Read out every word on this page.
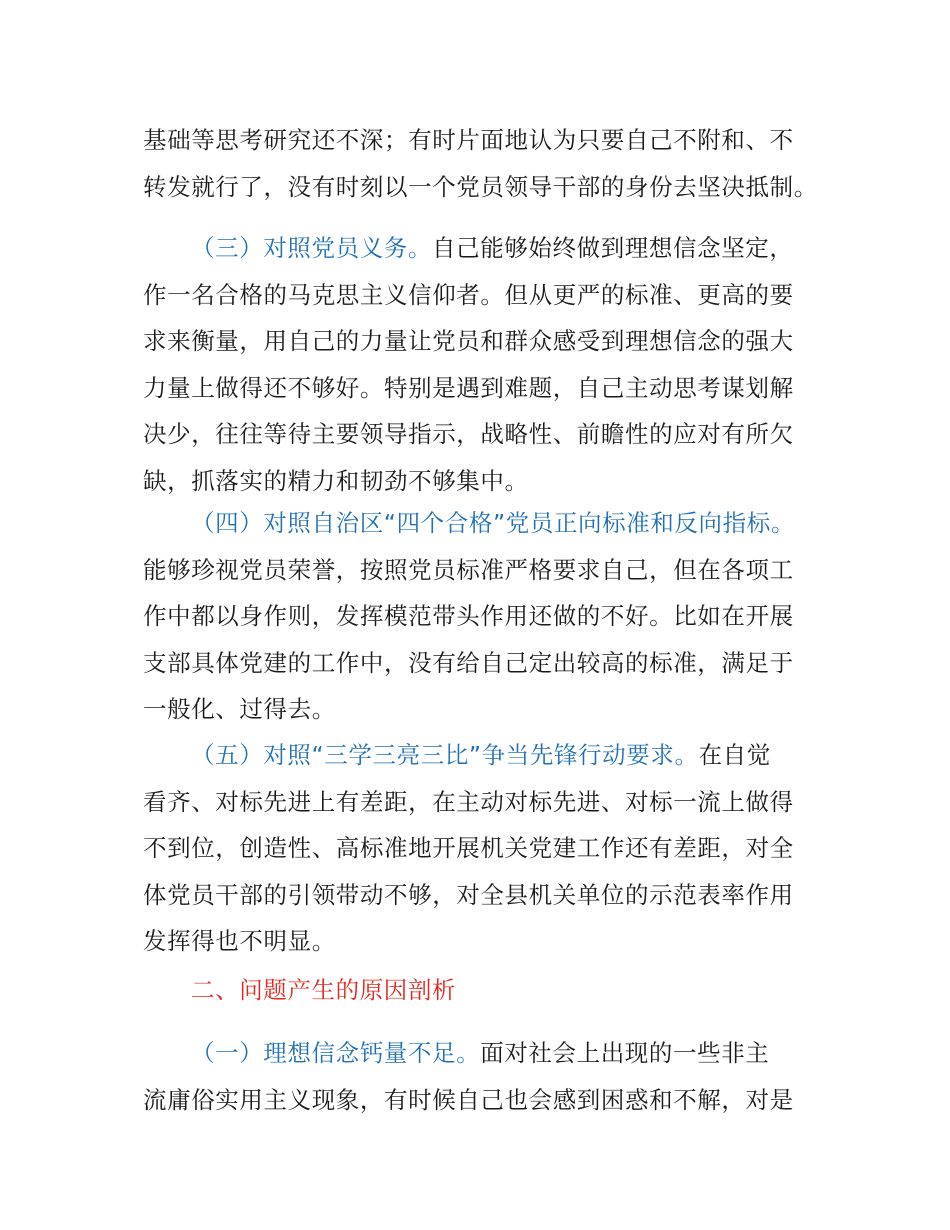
基础等思考研究还不深；有时片面地认为只要自己不附和、不
转发就行了，没有时刻以一个党员领导干部的身份去坚决抵制。

（三）对照党员义务。自己能够始终做到理想信念坚定，
作一名合格的马克思主义信仰者。但从更严的标准、更高的要
求来衡量，用自己的力量让党员和群众感受到理想信念的强大
力量上做得还不够好。特别是遇到难题，自己主动思考谋划解
决少，往往等待主要领导指示，战略性、前瞻性的应对有所欠
缺，抓落实的精力和韧劲不够集中。

（四）对照自治区“四个合格”党员正向标准和反向指标。
能够珍视党员荣誉，按照党员标准严格要求自己，但在各项工
作中都以身作则，发挥模范带头作用还做的不好。比如在开展
支部具体党建的工作中，没有给自己定出较高的标准，满足于
一般化、过得去。

（五）对照“三学三亮三比”争当先锋行动要求。在自觉
看齐、对标先进上有差距，在主动对标先进、对标一流上做得
不到位，创造性、高标准地开展机关党建工作还有差距，对全
体党员干部的引领带动不够，对全县机关单位的示范表率作用
发挥得也不明显。

二、问题产生的原因剖析

（一）理想信念钙量不足。面对社会上出现的一些非主
流庸俗实用主义现象，有时候自己也会感到困惑和不解，对是
